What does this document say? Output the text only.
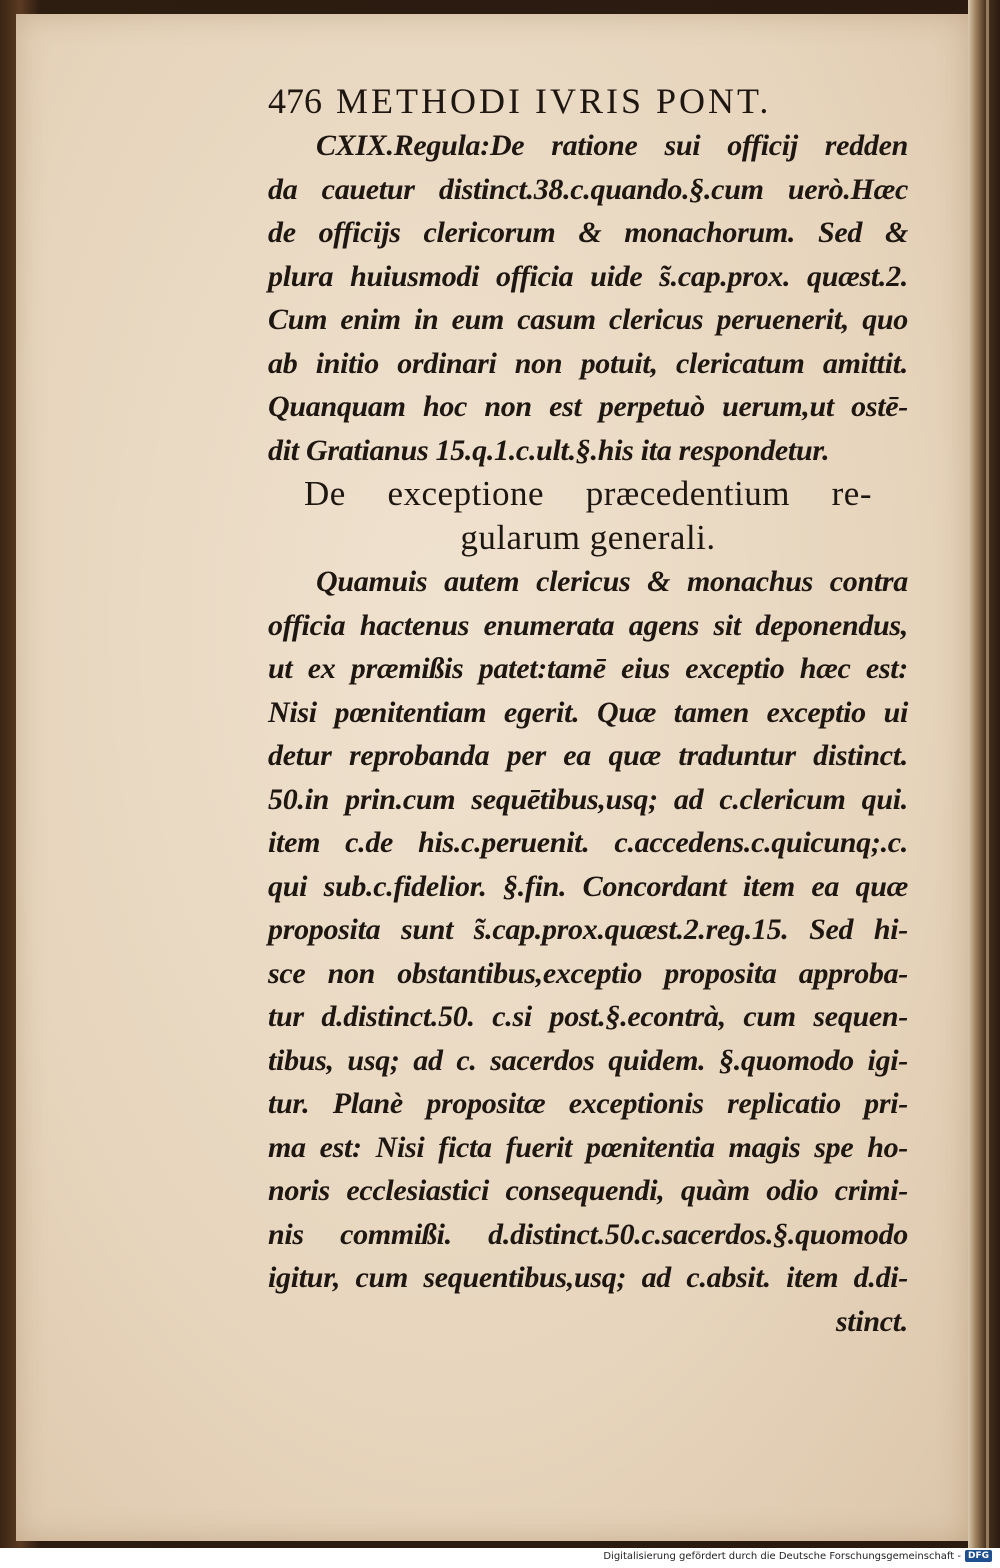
476 METHODI IVRIS PONT.
CXIX.Regula:De ratione sui officij redden
da cauetur distinct.38.c.quando.§.cum uerò.Hæc
de officijs clericorum & monachorum. Sed &
plura huiusmodi officia uide s̃.cap.prox. quæst.2.
Cum enim in eum casum clericus peruenerit, quo
ab initio ordinari non potuit, clericatum amittit.
Quanquam hoc non est perpetuò uerum,ut ostē-
dit Gratianus 15.q.1.c.ult.§.his ita respondetur.
De exceptione præcedentium re-
gularum generali.
Quamuis autem clericus & monachus contra
officia hactenus enumerata agens sit deponendus,
ut ex præmißis patet:tamē eius exceptio hæc est:
Nisi pœnitentiam egerit. Quæ tamen exceptio ui
detur reprobanda per ea quæ traduntur distinct.
50.in prin.cum sequētibus,usq; ad c.clericum qui.
item c.de his.c.peruenit. c.accedens.c.quicunq;.c.
qui sub.c.fidelior. §.fin. Concordant item ea quæ
proposita sunt s̃.cap.prox.quæst.2.reg.15. Sed hi-
sce non obstantibus,exceptio proposita approba-
tur d.distinct.50. c.si post.§.econtrà, cum sequen-
tibus, usq; ad c. sacerdos quidem. §.quomodo igi-
tur. Planè propositæ exceptionis replicatio pri-
ma est: Nisi ficta fuerit pœnitentia magis spe ho-
noris ecclesiastici consequendi, quàm odio crimi-
nis commißi. d.distinct.50.c.sacerdos.§.quomodo
igitur, cum sequentibus,usq; ad c.absit. item d.di-
stinct.
Digitalisierung gefördert durch die Deutsche Forschungsgemeinschaft - DFG
